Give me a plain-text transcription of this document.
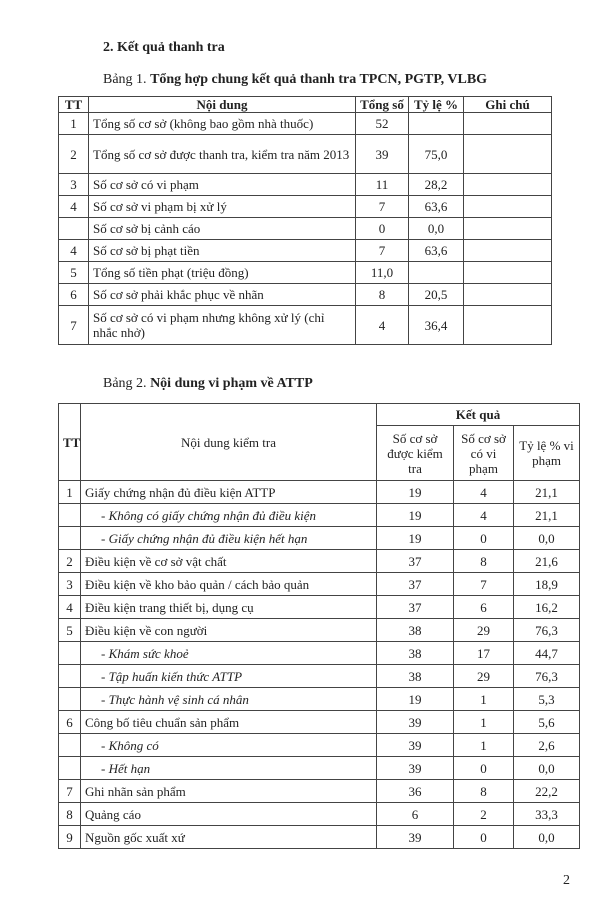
2. Kết quả thanh tra
Bảng 1. Tổng hợp chung kết quả thanh tra TPCN, PGTP, VLBG
TT	Nội dung	Tổng số	Tỷ lệ %	Ghi chú
1	Tổng số cơ sở (không bao gồm nhà thuốc)	52		
2	Tổng số cơ sở được thanh tra, kiểm tra năm 2013	39	75,0	
3	Số cơ sở có vi phạm	11	28,2	
4	Số cơ sở vi phạm bị xử lý	7	63,6	
	Số cơ sở bị cảnh cáo	0	0,0	
4	Số cơ sở bị phạt tiền	7	63,6	
5	Tổng số tiền phạt (triệu đồng)	11,0		
6	Số cơ sở phải khắc phục về nhãn	8	20,5	
7	Số cơ sở có vi phạm nhưng không xử lý (chỉ nhắc nhở)	4	36,4	
Bảng 2. Nội dung vi phạm về ATTP
TT	Nội dung kiểm tra	Kết quả		
		Số cơ sở được kiểm tra	Số cơ sở có vi phạm	Tỷ lệ % vi phạm
1	Giấy chứng nhận đủ điều kiện ATTP	19	4	21,1
	- Không có giấy chứng nhận đủ điều kiện	19	4	21,1
	- Giấy chứng nhận đủ điều kiện hết hạn	19	0	0,0
2	Điều kiện về cơ sở vật chất	37	8	21,6
3	Điều kiện về kho bảo quản / cách bảo quản	37	7	18,9
4	Điều kiện trang thiết bị, dụng cụ	37	6	16,2
5	Điều kiện về con người	38	29	76,3
	- Khám sức khoẻ	38	17	44,7
	- Tập huấn kiến thức ATTP	38	29	76,3
	- Thực hành vệ sinh cá nhân	19	1	5,3
6	Công bố tiêu chuẩn sản phẩm	39	1	5,6
	- Không có	39	1	2,6
	- Hết hạn	39	0	0,0
7	Ghi nhãn sản phẩm	36	8	22,2
8	Quảng cáo	6	2	33,3
9	Nguồn gốc xuất xứ	39	0	0,0
2
